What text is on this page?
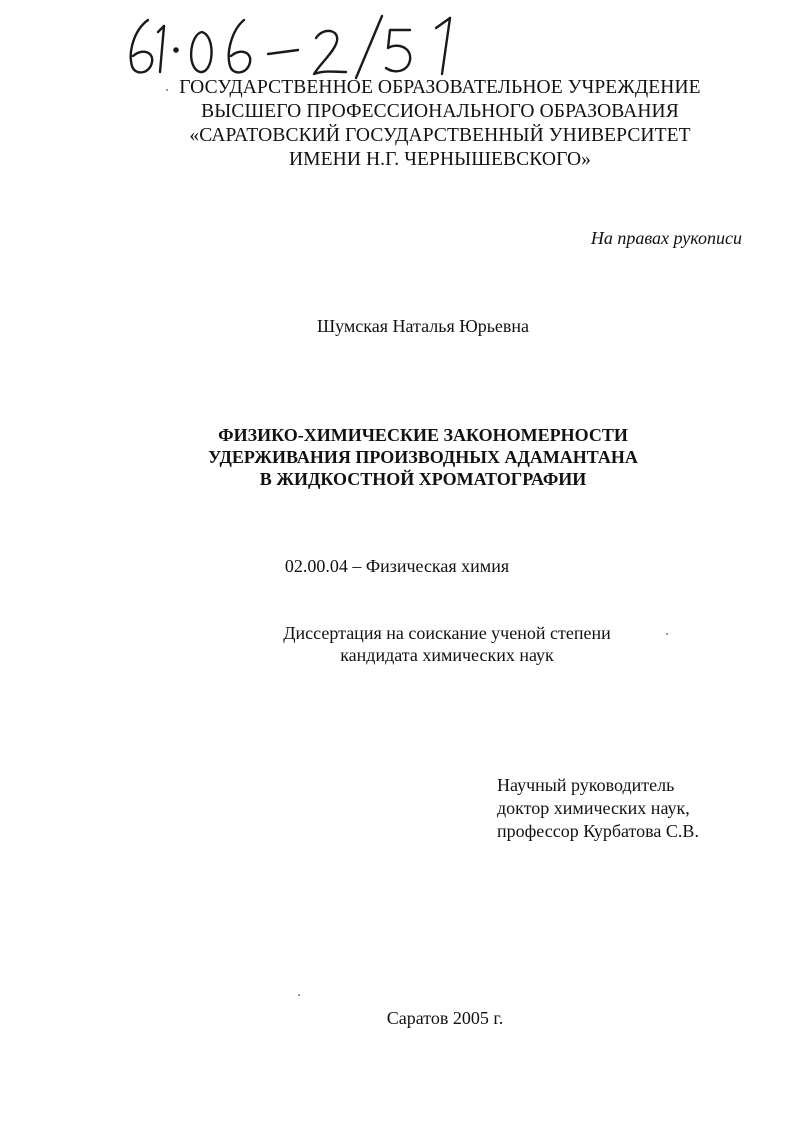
ГОСУДАРСТВЕННОЕ ОБРАЗОВАТЕЛЬНОЕ УЧРЕЖДЕНИЕ
ВЫСШЕГО ПРОФЕССИОНАЛЬНОГО ОБРАЗОВАНИЯ
«САРАТОВСКИЙ ГОСУДАРСТВЕННЫЙ УНИВЕРСИТЕТ
ИМЕНИ Н.Г. ЧЕРНЫШЕВСКОГО»
На правах рукописи
Шумская Наталья Юрьевна
ФИЗИКО-ХИМИЧЕСКИЕ ЗАКОНОМЕРНОСТИ
УДЕРЖИВАНИЯ ПРОИЗВОДНЫХ АДАМАНТАНА
В ЖИДКОСТНОЙ ХРОМАТОГРАФИИ
02.00.04 – Физическая химия
Диссертация на соискание ученой степени
кандидата химических наук
Научный руководитель
доктор химических наук,
профессор Курбатова С.В.
Саратов 2005 г.
